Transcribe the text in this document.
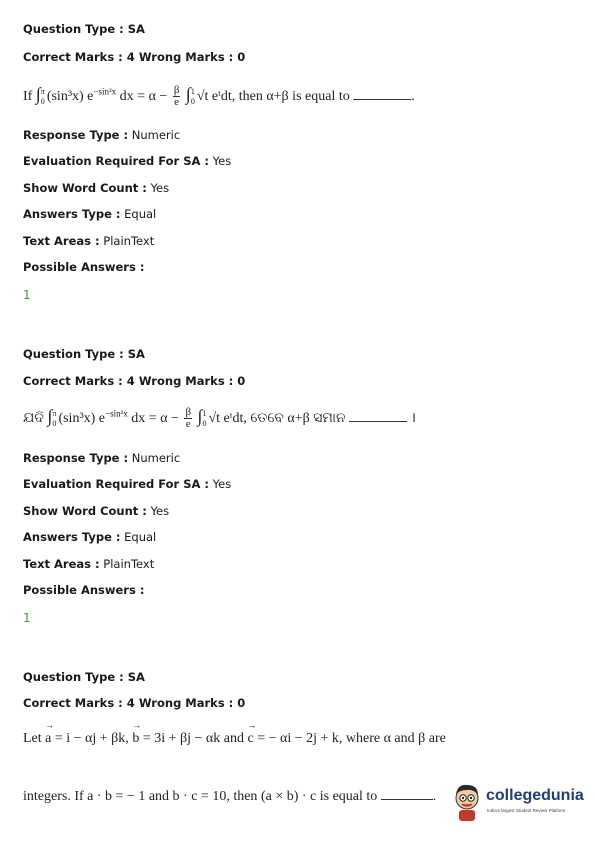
Question Type : SA
Correct Marks : 4 Wrong Marks : 0
If ∫ π
0 (sin³x) $e^{-sin^2x}$ dx = $\alpha - \frac{\beta}{e}$ ∫ 1
0 √t eᵗdt, then α+β is equal to	.
Response Type : Numeric
Evaluation Required For SA : Yes
Show Word Count : Yes
Answers Type : Equal
Text Areas : PlainText
Possible Answers :
1
Question Type : SA
Correct Marks : 4 Wrong Marks : 0
ଯଦି ∫ π
0 (sin³x) $e^{-sin^2x}$ dx = $\alpha - \frac{\beta}{e}$ ∫ 1
0 √t eᵗdt, ତେବେ α+β ସମାନ	।
Response Type : Numeric
Evaluation Required For SA : Yes
Show Word Count : Yes
Answers Type : Equal
Text Areas : PlainText
Possible Answers :
1
Question Type : SA
Correct Marks : 4 Wrong Marks : 0
Let → a = i − αj + βk, → b = 3i + βj − αk and → c = − αi − 2j + k, where α and β are
integers. If a · b = − 1 and b · c = 10, then (a × b) · c is equal to	.	collegedunia
India's largest Student Review Platform
